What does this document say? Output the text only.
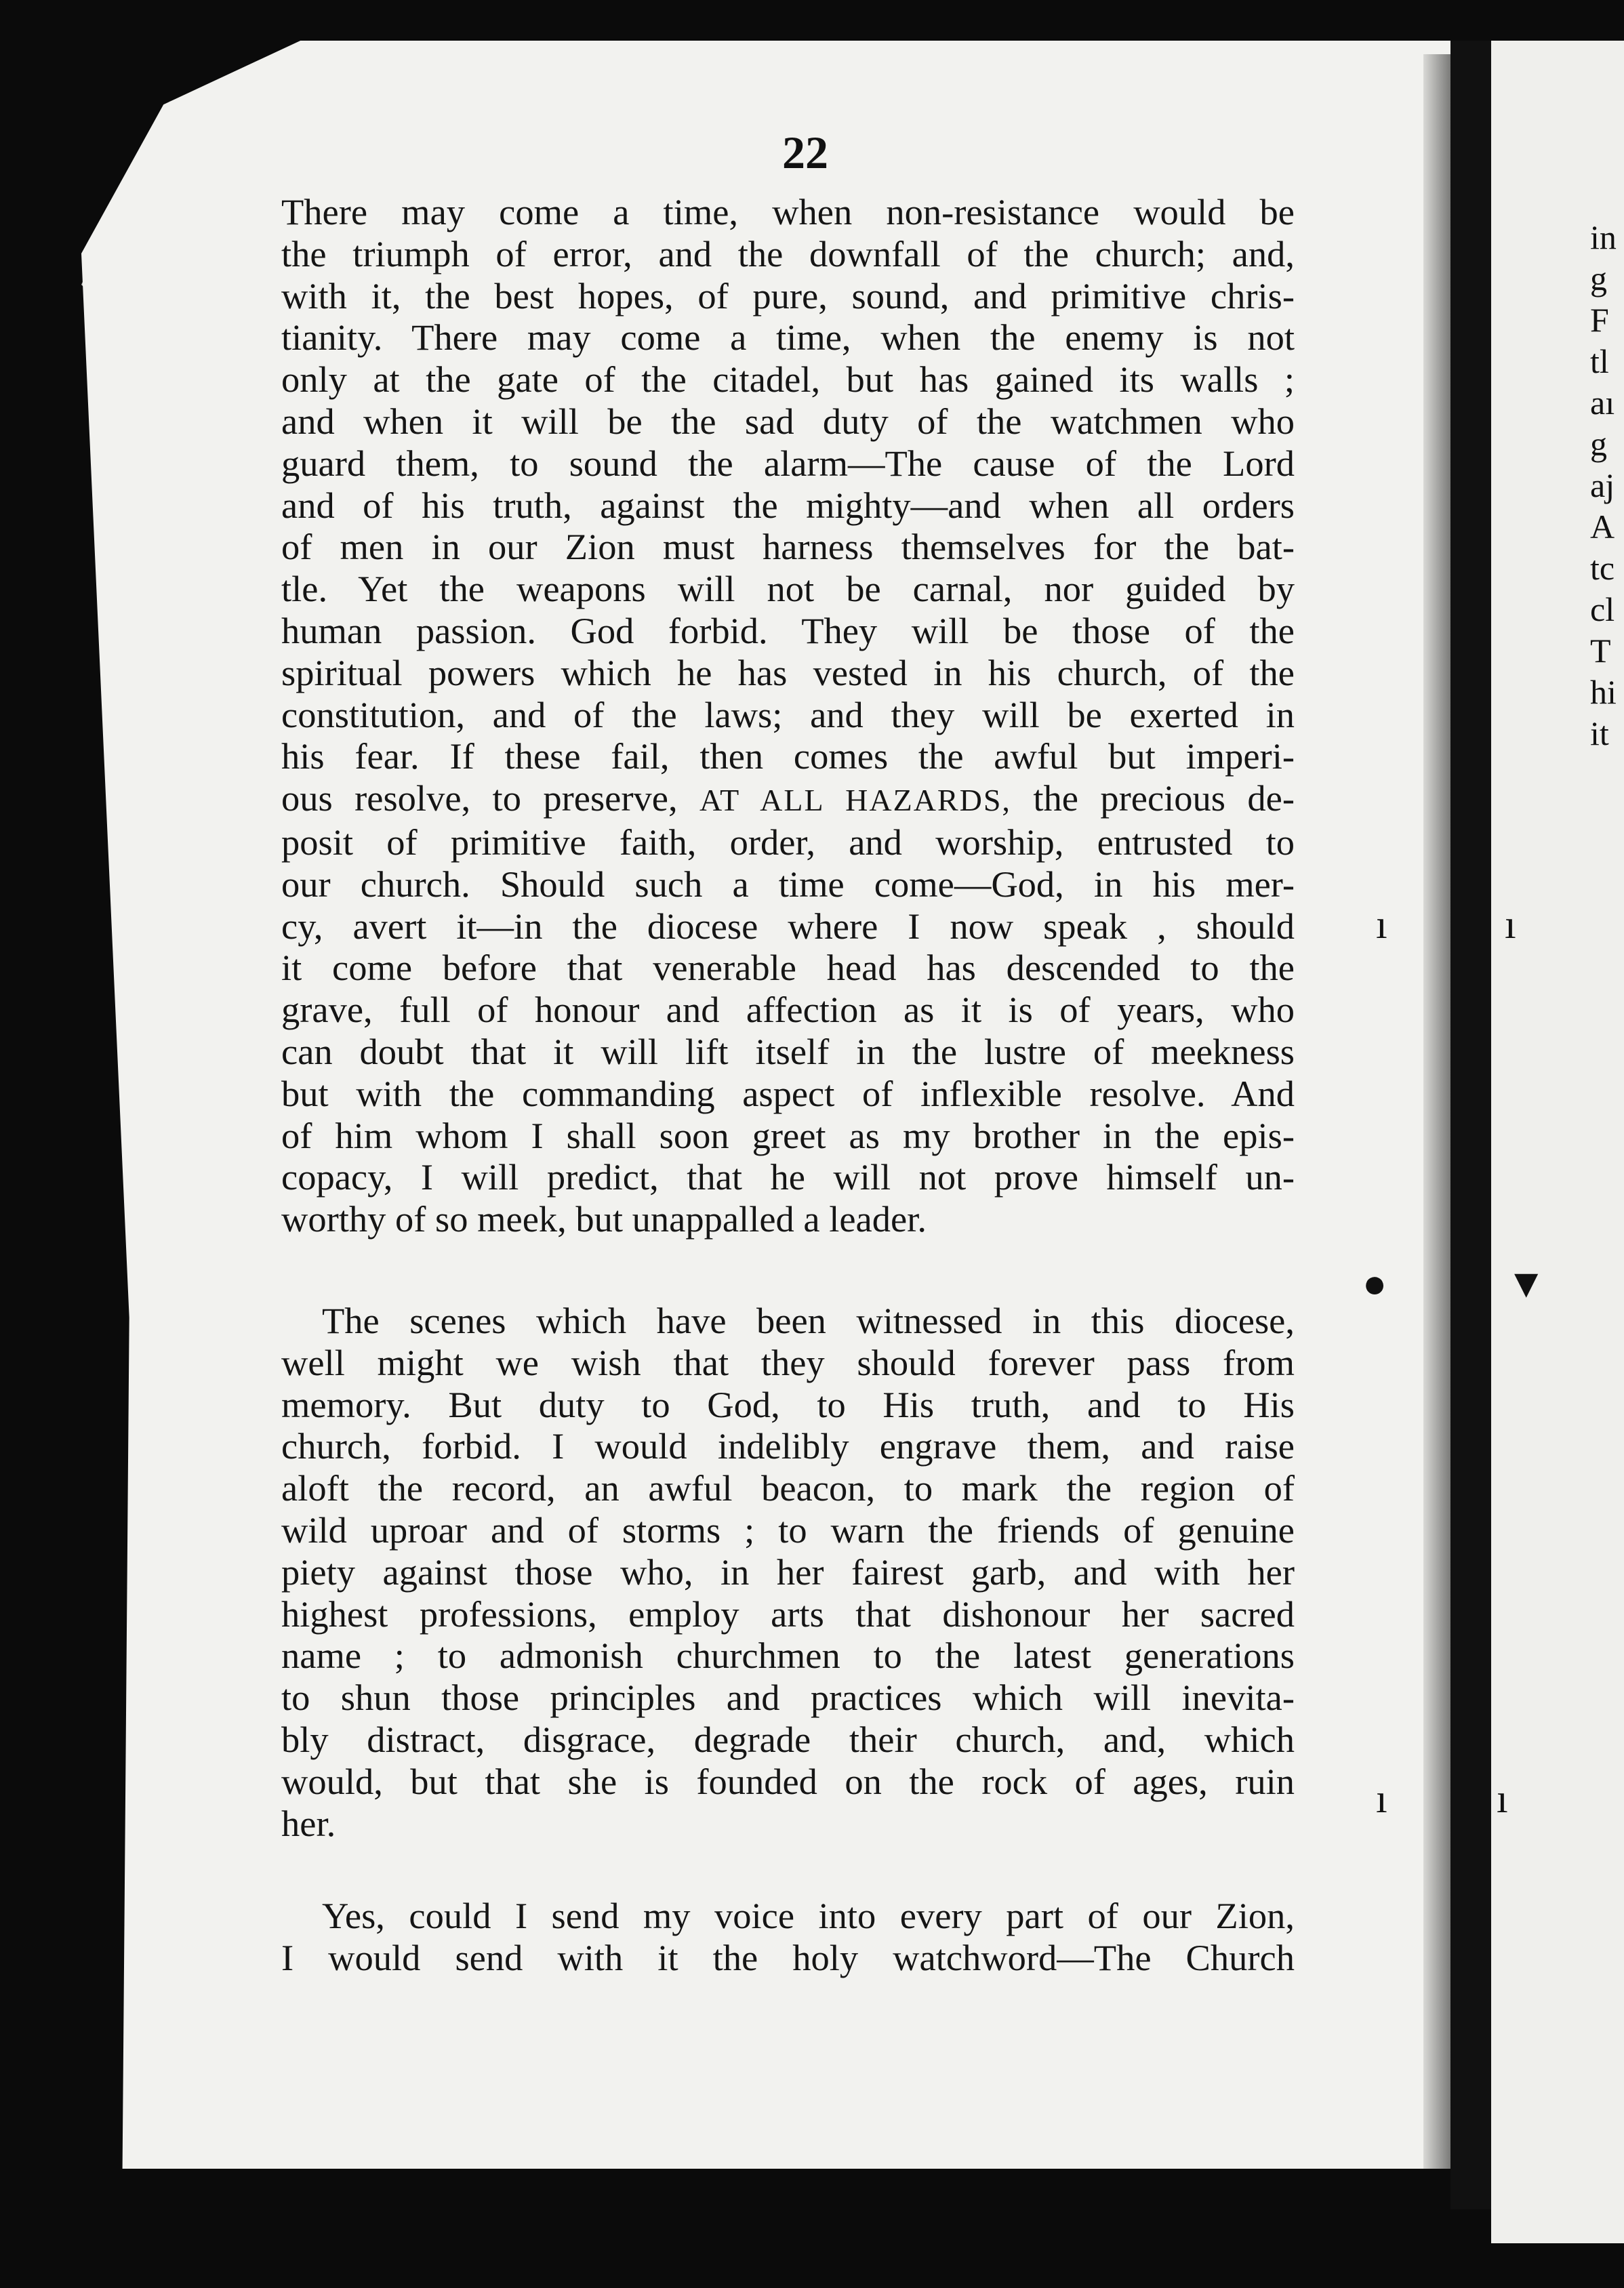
22
There may come a time, when non-resistance would be
the triumph of error, and the downfall of the church; and,
with it, the best hopes, of pure, sound, and primitive chris-
tianity. There may come a time, when the enemy is not
only at the gate of the citadel, but has gained its walls ;
and when it will be the sad duty of the watchmen who
guard them, to sound the alarm—The cause of the Lord
and of his truth, against the mighty—and when all orders
of men in our Zion must harness themselves for the bat-
tle. Yet the weapons will not be carnal, nor guided by
human passion. God forbid. They will be those of the
spiritual powers which he has vested in his church, of the
constitution, and of the laws; and they will be exerted in
his fear. If these fail, then comes the awful but imperi-
ous resolve, to preserve, AT ALL HAZARDS, the precious de-
posit of primitive faith, order, and worship, entrusted to
our church. Should such a time come—God, in his mer-
cy, avert it—in the diocese where I now speak , should
it come before that venerable head has descended to the
grave, full of honour and affection as it is of years, who
can doubt that it will lift itself in the lustre of meekness
but with the commanding aspect of inflexible resolve. And
of him whom I shall soon greet as my brother in the epis-
copacy, I will predict, that he will not prove himself un-
worthy of so meek, but unappalled a leader.
The scenes which have been witnessed in this diocese,
well might we wish that they should forever pass from
memory. But duty to God, to His truth, and to His
church, forbid. I would indelibly engrave them, and raise
aloft the record, an awful beacon, to mark the region of
wild uproar and of storms ; to warn the friends of genuine
piety against those who, in her fairest garb, and with her
highest professions, employ arts that dishonour her sacred
name ; to admonish churchmen to the latest generations
to shun those principles and practices which will inevita-
bly distract, disgrace, degrade their church, and, which
would, but that she is founded on the rock of ages, ruin
her.
Yes, could I send my voice into every part of our Zion,
I would send with it the holy watchword—The Church
in
g
F
tl
aı
g
aj
A
tc
cl
T
hi
it
ı	ı
●	▼
ı	ı
